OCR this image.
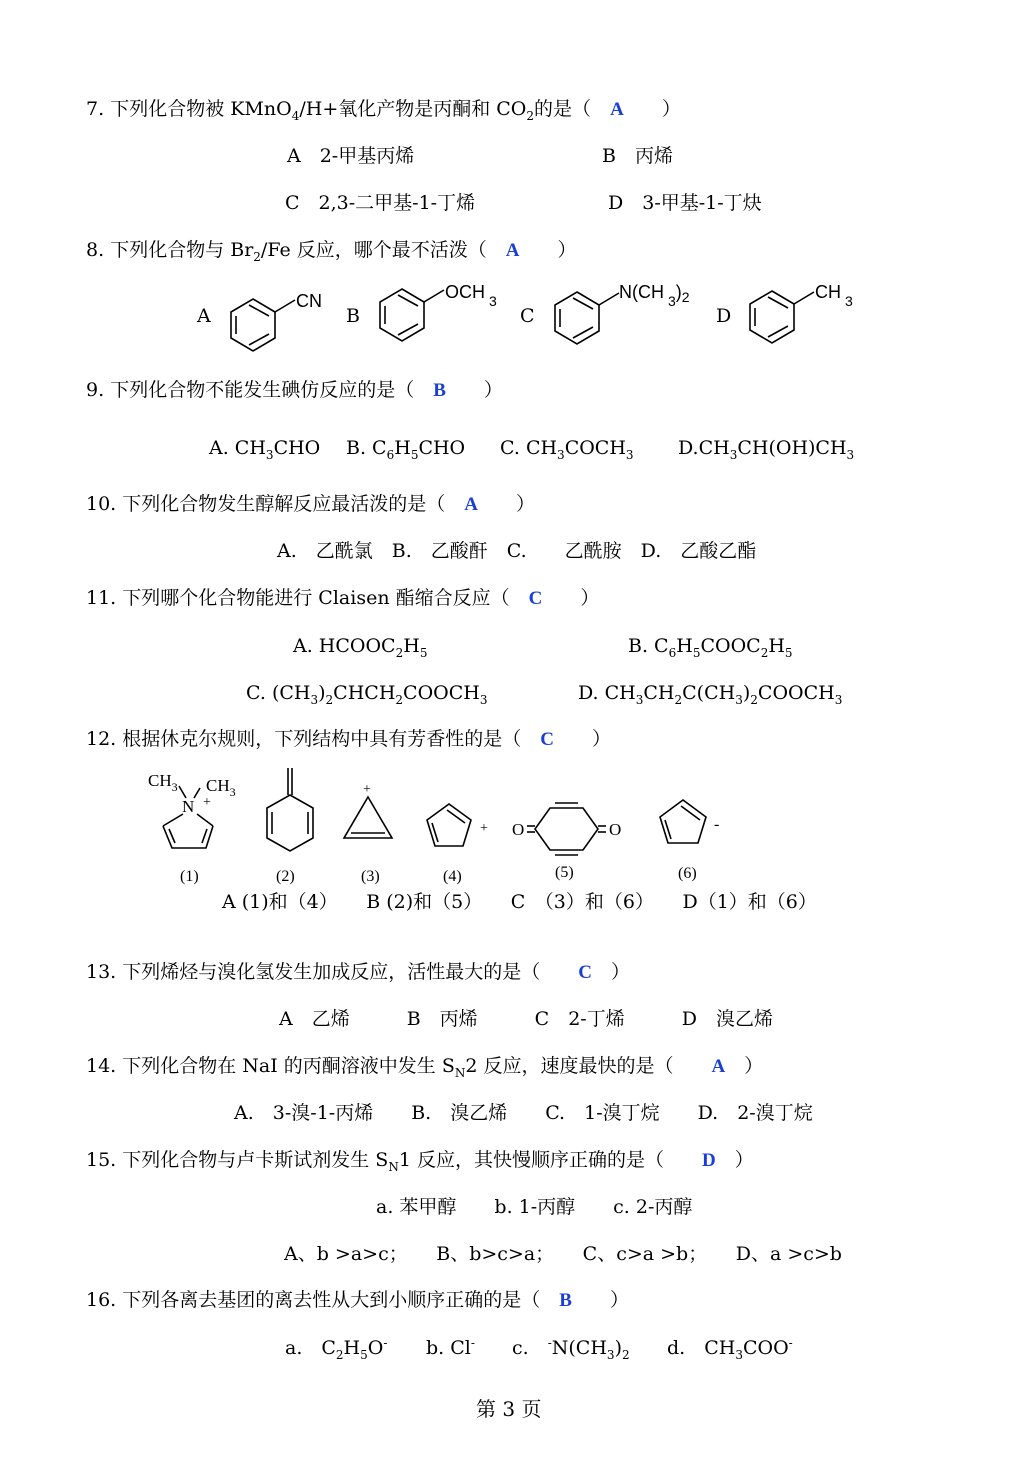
7. 下列化合物被 KMnO$_4$/H+氧化产物是丙酮和 $CO_2$的是（　 A　　 ）
A　2-甲基丙烯	B　丙烯
C　2,3-二甲基-1-丁烯	D　3-甲基-1-丁炔
8. 下列化合物与 $Br_2/Fe$ 反应，哪个最不活泼（　 A　　 ）
A	B	C	D
CN	OCH $_3$	N(CH $_3)_2$	CH $_3$
9. 下列化合物不能发生碘仿反应的是（　 B　　 ）
A. $CH_3CHO$ B. $C_6H_5CHO$ C. $CH_3COCH_3$ $D.CH_3CH(OH)CH_3$
10. 下列化合物发生醇解反应最活泼的是（　 A　　 ）
A.　乙酰氯　B.　乙酸酐　C.　　乙酰胺　D.　乙酸乙酯
11. 下列哪个化合物能进行 Claisen 酯缩合反应（　 C　　 ）
A. $HCOOC_2H_5$	B. $C_6H_5COOC_2H_5$
C. $(CH_3)_2CHCH_2COOCH_3$	D. $CH_3CH_2C(CH_3)_2COOCH_3$
12. 根据休克尔规则，下列结构中具有芳香性的是（　 C　　 ）
$CH_3$ $CH_3$
N +
+
+ O	O	-
(1)	(2)	(3)	(4)	(5)	(6)
A (1)和（4）　　B (2)和（5）　　C　（3）和（6）　　D（1）和（6）
13. 下列烯烃与溴化氢发生加成反应，活性最大的是（　　 C　 ）
A　乙烯　　　B　丙烯　　　C　2-丁烯　　　D　溴乙烯
14. 下列化合物在 NaI 的丙酮溶液中发生 $S_N2$ 反应，速度最快的是（　　 A　 ）
A.　3-溴-1-丙烯　　B.　溴乙烯　　C.　1-溴丁烷　　D.　2-溴丁烷
15. 下列化合物与卢卡斯试剂发生 $S_N1$ 反应，其快慢顺序正确的是（　　 D　 ）
a. 苯甲醇　　b. 1-丙醇　　c. 2-丙醇
A、b >a>c；　　B、b>c>a；　　C、c>a >b；　　D、a >c>b
16. 下列各离去基团的离去性从大到小顺序正确的是（　 B　　 ）
a.　$C_2H_5O^-$ b. Cl- c.　 $^-N(CH_3)_2$ d.　$CH_3COO^-$
第 3 页
